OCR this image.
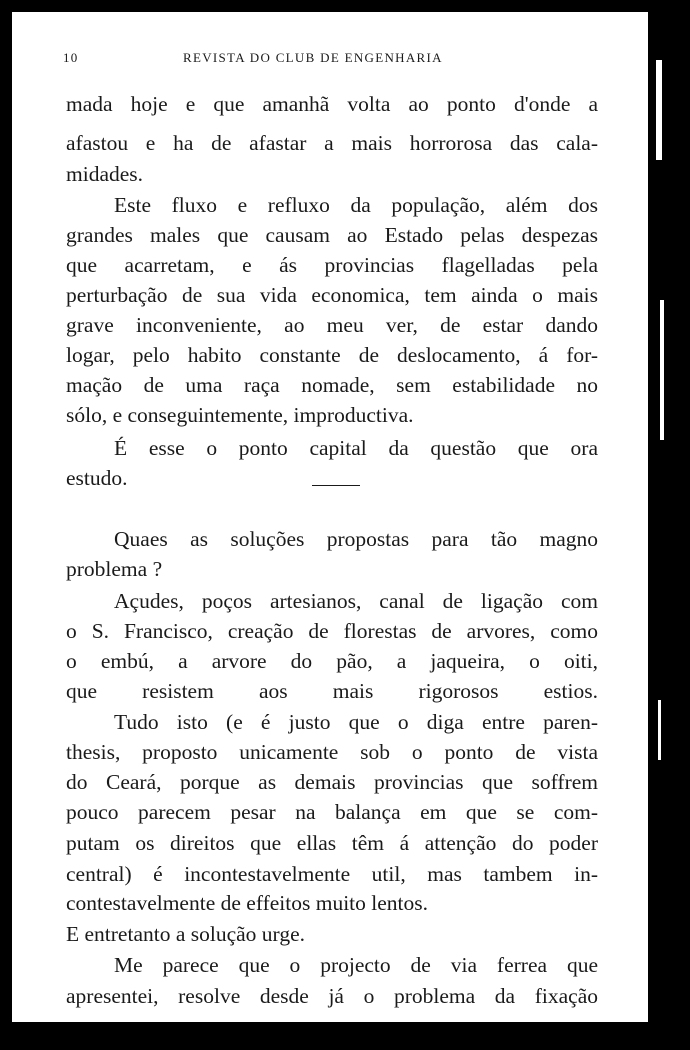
10	REVISTA DO CLUB DE ENGENHARIA
mada hoje e que amanhã volta ao ponto d'onde a
afastou e ha de afastar a mais horrorosa das cala-
midades.
Este fluxo e refluxo da população, além dos
grandes males que causam ao Estado pelas despezas
que acarretam, e ás provincias flagelladas pela
perturbação de sua vida economica, tem ainda o mais
grave inconveniente, ao meu ver, de estar dando
logar, pelo habito constante de deslocamento, á for-
mação de uma raça nomade, sem estabilidade no
sólo, e conseguintemente, improductiva.
É esse o ponto capital da questão que ora
estudo.
Quaes as soluções propostas para tão magno
problema ?
Açudes, poços artesianos, canal de ligação com
o S. Francisco, creação de florestas de arvores, como
o embú, a arvore do pão, a jaqueira, o oiti,
que resistem aos mais rigorosos estios.
Tudo isto (e é justo que o diga entre paren-
thesis, proposto unicamente sob o ponto de vista
do Ceará, porque as demais provincias que soffrem
pouco parecem pesar na balança em que se com-
putam os direitos que ellas têm á attenção do poder
central) é incontestavelmente util, mas tambem in-
contestavelmente de effeitos muito lentos.
E entretanto a solução urge.
Me parece que o projecto de via ferrea que
apresentei, resolve desde já o problema da fixação
